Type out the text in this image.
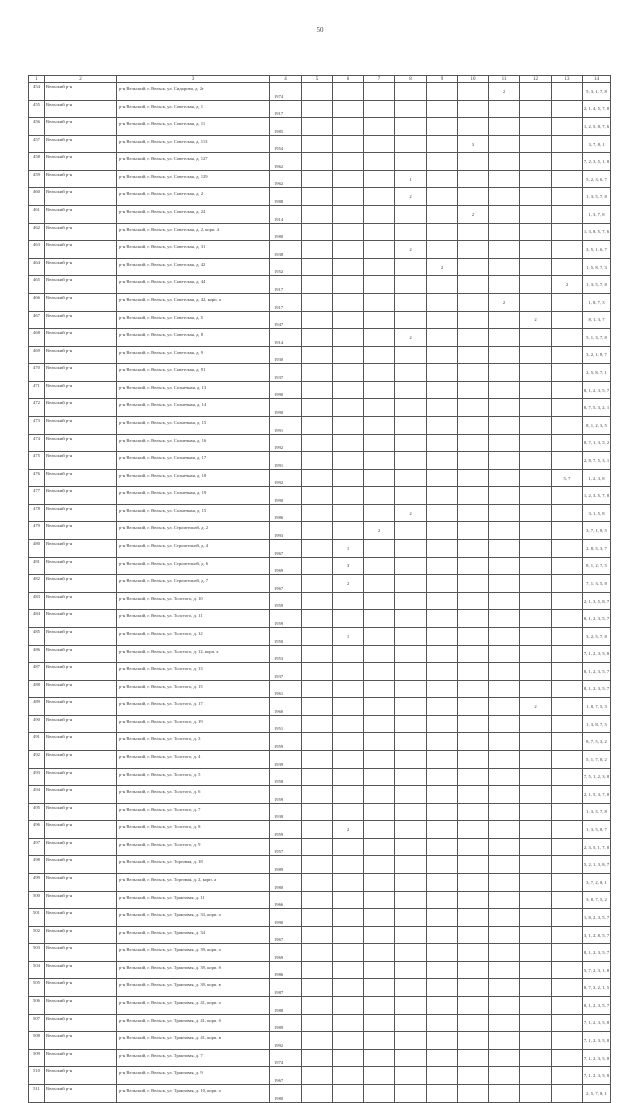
50
1	2	3	4	5	6	7	8	9	10	11	12	13	14
454	Вельский р-н	р-н Вельский, г. Вельск, ул. Сидоровa, д. 2г	1974							2			5, 3, 1, 7, 8
455	Вельский р-н	р-н Вельский, г. Вельск, ул. Советская, д. 1	1917										2, 1, 4, 5, 7, 8
456	Вельский р-н	р-н Вельский, г. Вельск, ул. Советская, д. 11	1985										1, 2, 5, 8, 7, 6
457	Вельский р-н	р-н Вельский, г. Вельск, ул. Советская, д. 113	1954						3				3, 7, 8, 1
458	Вельский р-н	р-н Вельский, г. Вельск, ул. Советская, д. 127	1962										7, 2, 3, 5, 1, 8
459	Вельский р-н	р-н Вельский, г. Вельск, ул. Советская, д. 129	1962				1						5, 2, 3, 6, 7
460	Вельский р-н	р-н Вельский, г. Вельск, ул. Советская, д. 2	1988				2						1, 3, 5, 7, 8
461	Вельский р-н	р-н Вельский, г. Вельск, ул. Советская, д. 24	1914						2				1, 3, 7, 8
462	Вельский р-н	р-н Вельский, г. Вельск, ул. Советская, д. 2, корп. 4	1980										1, 3, 8, 5, 7, 6
463	Вельский р-н	р-н Вельский, г. Вельск, ул. Советская, д. 31	1938				2						3, 5, 1, 6, 7
464	Вельский р-н	р-н Вельский, г. Вельск, ул. Советская, д. 42	1952					2					1, 5, 8, 7, 3
465	Вельский р-н	р-н Вельский, г. Вельск, ул. Советская, д. 44	1917									2	1, 3, 5, 7, 8
466	Вельский р-н	р-н Вельский, г. Вельск, ул. Советская, д. 42, корп. а	1917							2			1, 8, 7, 3
467	Вельский р-н	р-н Вельский, г. Вельск, ул. Советская, д. 5	1947								2		8, 1, 3, 7
468	Вельский р-н	р-н Вельский, г. Вельск, ул. Советская, д. 8	1914				2						5, 1, 3, 7, 8
469	Вельский р-н	р-н Вельский, г. Вельск, ул. Советская, д. 9	1930										3, 2, 1, 8, 7
470	Вельский р-н	р-н Вельский, г. Вельск, ул. Советская, д. 91	1937										2, 5, 8, 7, 1
471	Вельский р-н	р-н Вельский, г. Вельск, ул. Солнечная, д. 13	1990										8, 1, 2, 3, 5, 7
472	Вельский р-н	р-н Вельский, г. Вельск, ул. Солнечная, д. 14	1990										8, 7, 5, 3, 2, 1
473	Вельский р-н	р-н Вельский, г. Вельск, ул. Солнечная, д. 15	1991										8, 1, 2, 3, 5
474	Вельский р-н	р-н Вельский, г. Вельск, ул. Солнечная, д. 16	1992										8, 7, 1, 3, 5, 2
475	Вельский р-н	р-н Вельский, г. Вельск, ул. Солнечная, д. 17	1991										2, 8, 7, 5, 3, 1
476	Вельский р-н	р-н Вельский, г. Вельск, ул. Солнечная, д. 18	1992									5, 7	1, 2, 3, 8
477	Вельский р-н	р-н Вельский, г. Вельск, ул. Солнечная, д. 19	1990										1, 2, 3, 5, 7, 8
478	Вельский р-н	р-н Вельский, г. Вельск, ул. Солнечная, д. 15	1986				2						3, 1, 5, 8
479	Вельский р-н	р-н Вельский, г. Вельск, ул. Строительей, д. 2	1993			2							3, 7, 1, 8, 5
480	Вельский р-н	р-н Вельский, г. Вельск, ул. Строительей, д. 4	1967		1								2, 8, 5, 3, 7
481	Вельский р-н	р-н Вельский, г. Вельск, ул. Строительей, д. 6	1969		3								8, 1, 2, 7, 5
482	Вельский р-н	р-н Вельский, г. Вельск, ул. Строительей, д. 7	1967		2								7, 1, 3, 5, 8
483	Вельский р-н	р-н Вельский, г. Вельск, ул. Толстого, д. 10	1959										2, 1, 3, 5, 8, 7
484	Вельский р-н	р-н Вельский, г. Вельск, ул. Толстого, д. 11	1959										8, 1, 2, 3, 5, 7
485	Вельский р-н	р-н Вельский, г. Вельск, ул. Толстого, д. 12	1950		1								3, 2, 5, 7, 8
486	Вельский р-н	р-н Вельский, г. Вельск, ул. Толстого, д. 12, корп. а	1953										7, 1, 2, 3, 5, 8
487	Вельский р-н	р-н Вельский, г. Вельск, ул. Толстого, д. 13	1937										8, 1, 2, 3, 5, 7
488	Вельский р-н	р-н Вельский, г. Вельск, ул. Толстого, д. 15	1961										8, 1, 2, 3, 5, 7
489	Вельский р-н	р-н Вельский, г. Вельск, ул. Толстого, д. 17	1960								2		1, 8, 7, 5, 3
490	Вельский р-н	р-н Вельский, г. Вельск, ул. Толстого, д. 19	1951										1, 3, 8, 7, 5
491	Вельский р-н	р-н Вельский, г. Вельск, ул. Толстого, д. 3	1959										8, 7, 5, 3, 2
492	Вельский р-н	р-н Вельский, г. Вельск, ул. Толстого, д. 4	1939										5, 1, 7, 8, 2
493	Вельский р-н	р-н Вельский, г. Вельск, ул. Толстого, д. 5	1958										7, 5, 1, 2, 3, 8
494	Вельский р-н	р-н Вельский, г. Вельск, ул. Толстого, д. 6	1959										2, 1, 5, 3, 7, 8
495	Вельский р-н	р-н Вельский, г. Вельск, ул. Толстого, д. 7	1938										1, 3, 5, 7, 8
496	Вельский р-н	р-н Вельский, г. Вельск, ул. Толстого, д. 8	1959		2								1, 3, 5, 8, 7
497	Вельский р-н	р-н Вельский, г. Вельск, ул. Толстого, д. 9	1957										2, 3, 5, 1, 7, 8
498	Вельский р-н	р-н Вельский, г. Вельск, ул. Торговая, д. 18	1989										5, 2, 1, 3, 8, 7
499	Вельский р-н	р-н Вельский, г. Вельск, ул. Торговая, д. 2, корп. а	1980										3, 7, 2, 8, 1
500	Вельский р-н	р-н Вельский, г. Вельск, ул. Трактовая, д. 11	1966										3, 8, 7, 5, 2
501	Вельский р-н	р-н Вельский, г. Вельск, ул. Трактовая, д. 33, корп. а	1990										1, 8, 2, 3, 5, 7
502	Вельский р-н	р-н Вельский, г. Вельск, ул. Трактовая, д. 34	1967										3, 1, 2, 8, 5, 7
503	Вельский р-н	р-н Вельский, г. Вельск, ул. Трактовая, д. 39, корп. а	1969										8, 1, 2, 3, 5, 7
504	Вельский р-н	р-н Вельский, г. Вельск, ул. Трактовая, д. 39, корп. б	1986										5, 7, 2, 3, 1, 8
505	Вельский р-н	р-н Вельский, г. Вельск, ул. Трактовая, д. 39, корп. в	1987										8, 7, 3, 2, 1, 5
506	Вельский р-н	р-н Вельский, г. Вельск, ул. Трактовая, д. 41, корп. а	1988										8, 1, 2, 3, 5, 7
507	Вельский р-н	р-н Вельский, г. Вельск, ул. Трактовая, д. 41, корп. б	1989										7, 1, 2, 3, 5, 8
508	Вельский р-н	р-н Вельский, г. Вельск, ул. Трактовая, д. 41, корп. в	1992										7, 1, 2, 3, 5, 8
509	Вельский р-н	р-н Вельский, г. Вельск, ул. Трактовая, д. 7	1974										7, 1, 2, 3, 5, 8
510	Вельский р-н	р-н Вельский, г. Вельск, ул. Трактовая, д. 9	1967										7, 1, 2, 3, 5, 8
511	Вельский р-н	р-н Вельский, г. Вельск, ул. Трактовая, д. 10, корп. а	1980										2, 5, 7, 8, 1
